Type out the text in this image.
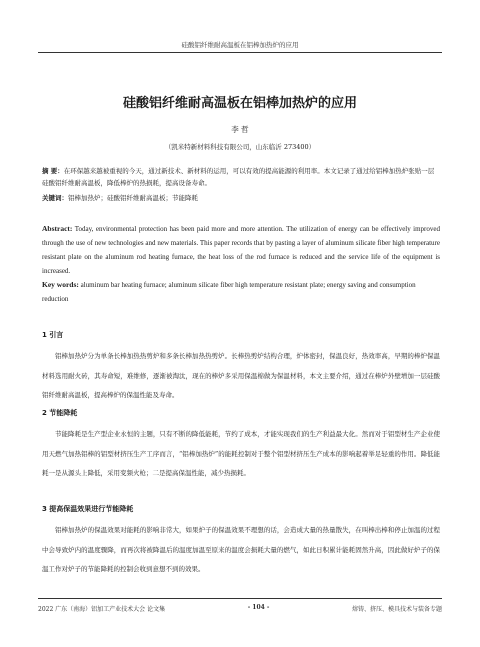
硅酸铝纤维耐高温板在铝棒加热炉的应用
硅酸铝纤维耐高温板在铝棒加热炉的应用
李 哲
（凯米特新材料科技有限公司，山东临沂 273400）
摘 要：在环保越来越被重视的今天，通过新技术、新材料的运用，可以有效的提高能源的利用率。本文记录了通过给铝棒加热炉张贴一层硅酸铝纤维耐高温板，降低棒炉的热损耗，提高设备寿命。
关键词：铝棒加热炉；硅酸铝纤维耐高温板；节能降耗
Abstract: Today, environmental protection has been paid more and more attention. The utilization of energy can be effectively improved through the use of new technologies and new materials. This paper records that by pasting a layer of aluminum silicate fiber high temperature resistant plate on the aluminum rod heating furnace, the heat loss of the rod furnace is reduced and the service life of the equipment is increased.
Key words: aluminum bar heating furnace; aluminum silicate fiber high temperature resistant plate; energy saving and consumption reduction
1 引言

铝棒加热炉分为单条长棒加热热剪炉和多条长棒加热热剪炉。长棒热剪炉结构合理，炉体密封，保温良好，热效率高，早期的棒炉保温材料选用耐火砖，其寿命短，难维修，逐渐被淘汰，现在的棒炉多采用保温棉做为保温材料，本文主要介绍，通过在棒炉外壁增加一层硅酸铝纤维耐高温板，提高棒炉的保温性能及寿命。

2 节能降耗

节能降耗是生产型企业永恒的主题，只有不断的降低能耗，节约了成本，才能实现我们的生产利益最大化。然而对于铝型材生产企业使用天燃气加热铝棒的铝型材挤压生产工序而言，“铝棒加热炉”的能耗控制对于整个铝型材挤压生产成本的影响起着举足轻重的作用。降低能耗一是从源头上降低，采用变频火枪；二是提高保温性能，减少热损耗。

3 提高保温效果进行节能降耗

铝棒加热炉的保温效果对能耗的影响非常大，如果炉子的保温效果不理想的话，会造成大量的热量散失，在叫棒出棒和停止加温的过程中会导致炉内的温度骤降，而再次将被降温后的温度加温至原来的温度会损耗大量的燃气，如此日积累计能耗固然升高，因此做好炉子的保温工作对炉子的节能降耗的控制会收到意想不到的效果。

2022 广东（南海）铝加工产业技术大会 论文集	- 104 -	熔铸、挤压、模具技术与装备专题
